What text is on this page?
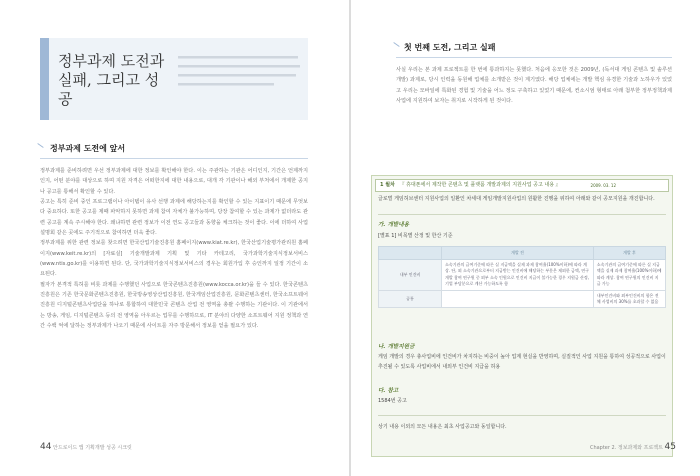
정부과제 도전과
실패, 그리고 성공
정부과제 도전에 앞서

정부과제를 준비하려면 우선 정부과제에 대한 정보를 확인해야 한다. 이는 주관하는 기관은 어디인지, 기간은 언제까지인지, 어떤 분야를 대상으로 하며 지원 자격은 어떠한지에 대한 내용으로, 대개 각 기관이나 해외 부처에서 개제한 공지나 공고를 통해서 확인할 수 있다.

공고는 특히 준비 중인 프로그램이나 아이템이 유사 선행 과제에 해당하는지를 확인할 수 있는 지표이기 때문에 무엇보다 중요하다. 또한 공고를 제때 파악하지 못하면 과제 참여 자체가 불가능하며, 당장 참여할 수 있는 과제가 없더라도 관련 공고를 계속 주시해야 한다. 왜냐하면 관련 정보가 이전 연도 공고들과 동향을 체크하는 것이 좋다. 이에 더하여 사업 설명회 같은 곳에도 주기적으로 참여하면 더욱 좋다.

정부과제를 위한 관련 정보를 찾으려면 한국산업기술진흥원 홈페이지(www.kiat.re.kr), 한국산업기술평가관리원 홈페이지(www.keit.re.kr)의 [자료실] 기술개발과제 기획 및 기타 카테고리, 국가과학기술지식정보서비스(www.ntis.go.kr)를 이용하면 된다. 단, 국가과학기술지식정보서비스의 경우는 회원가입 후 승인까지 일정 기간이 소요된다.

필자가 본격적 특허를 비롯 과제를 수행했던 사업으로 한국콘텐츠진흥원(www.kocca.or.kr)을 들 수 있다. 한국콘텐츠진흥원은 기존 한국문화콘텐츠진흥원, 한국방송영상산업진흥원, 한국게임산업진흥원, 문화콘텐츠센터, 한국소프트웨어진흥원 디지털콘텐츠사업단을 하나로 통합하여 대한민국 콘텐츠 산업 전 영역을 총괄 수행하는 기관이다. 이 기관에서는 방송, 게임, 디지털콘텐츠 등의 전 영역을 아우르는 업무를 수행하므로, IT 분야의 다양한 소프트웨어 지원 정책과 연간 수백 억에 달하는 정부과제가 나오기 때문에 사이트를 자주 방문해서 정보를 얻을 필요가 있다.

44 안드로이드 앱 기획개발 성공 시크릿
첫 번째 도전, 그리고 실패

사실 우리는 본 과제 프로젝트를 한 번에 통과하지는 못했다. 처음에 응모한 것은 2009년, (독서대 게임 콘텐츠 및 솔루션 개발) 과제로, 당시 인력을 동원해 업체를 소개받은 것이 계기였다. 해당 업체에는 개발 핵심 유경한 기술과 노하우가 있었고 우리는 모바일에 특화된 경험 및 기술을 어느 정도 구축하고 있었기 때문에, 컨소시엄 형태로 아래 첨부한 정부정책과제사업에 지원하여 보자는 취지로 시작하게 된 것이다.

1 월차 『 휴대폰에서 제작한 콘텐츠 및 플랫폼 개발과제의 지원사업 공고 내용 』	2009. 03. 12
글로벌 게임허브센터 지원사업의 일환인 차세대 게임개발지원사업의 원활한 진행을 위하여 아래와 같이 공모지원을 개진합니다.
가. 개발내용
[별표 1] 비목별 산정 및 한산 기준
	개발 전	개발 후
내부 인건비	소속기관의 급여기준에 따른 실 지급액을 실제 과제 참여율(100%이하)에 따라 계상. 단, 외 소속기관으로부터 지급받는 인건비에 해당하는 부분은 제외한 금액, 연구개발 참여 연구원 중 외부 소속 인원으로 인건비 지급이 불가능한 경우 지원금 산정, 기업 부담분으로 계산 가능하도록 함	소속기관의 급여기준에 따른 실 지급액을 실제 과제 참여율(100%이하)에 따라 계상. 참여 연구원의 인건비 지급 가능
공통		내부인건비와 외부인건비의 합은 전체 사업비의 30%를 초과할 수 없음
나. 개발지원금
게임 개발의 경우 총사업비에 인건비가 차지하는 비중이 높아 업계 현실을 반영하며, 실질적인 사업 지원을 통하여 성공적으로 사업이 추진될 수 있도록 사업비에서 내외부 인건비 지급을 허용
다. 참고
1584번 공고
상기 내용 이외의 모든 내용은 최초 사업공고와 동일합니다.
Chapter 2. 정보과제와 프로젝트 45
